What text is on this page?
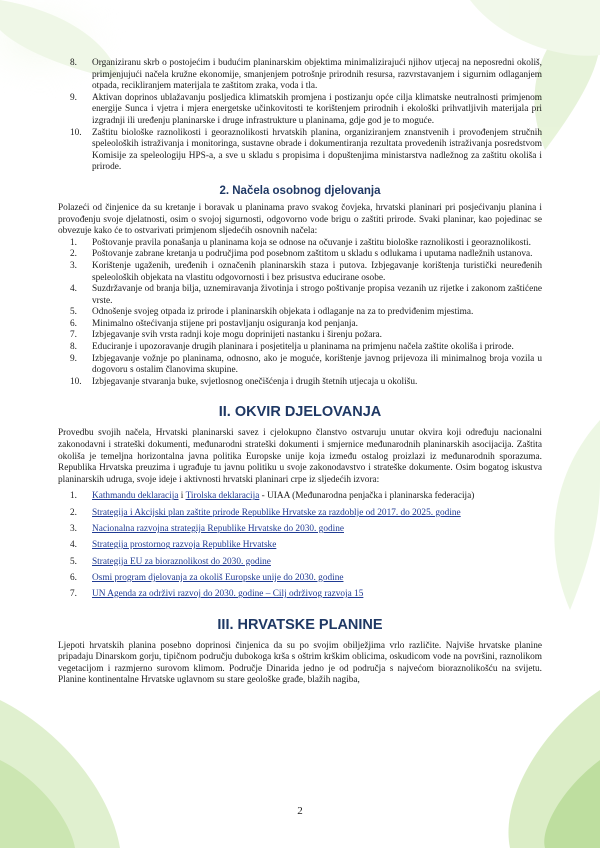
8. Organiziranu skrb o postojećim i budućim planinarskim objektima minimalizirajući njihov utjecaj na neposredni okoliš, primjenjujući načela kružne ekonomije, smanjenjem potrošnje prirodnih resursa, razvrstavanjem i sigurnim odlaganjem otpada, recikliranjem materijala te zaštitom zraka, voda i tla.
9. Aktivan doprinos ublažavanju posljedica klimatskih promjena i postizanju opće cilja klimatske neutralnosti primjenom energije Sunca i vjetra i mjera energetske učinkovitosti te korištenjem prirodnih i ekološki prihvatljivih materijala pri izgradnji ili uređenju planinarske i druge infrastrukture u planinama, gdje god je to moguće.
10. Zaštitu biološke raznolikosti i georaznolikosti hrvatskih planina, organiziranjem znanstvenih i provođenjem stručnih speleoloških istraživanja i monitoringa, sustavne obrade i dokumentiranja rezultata provedenih istraživanja posredstvom Komisije za speleologiju HPS-a, a sve u skladu s propisima i dopuštenjima ministarstva nadležnog za zaštitu okoliša i prirode.
2. Načela osobnog djelovanja

Polazeći od činjenice da su kretanje i boravak u planinama pravo svakog čovjeka, hrvatski planinari pri posjećivanju planina i provođenju svoje djelatnosti, osim o svojoj sigurnosti, odgovorno vode brigu o zaštiti prirode. Svaki planinar, kao pojedinac se obvezuje kako će to ostvarivati primjenom sljedećih osnovnih načela:

1. Poštovanje pravila ponašanja u planinama koja se odnose na očuvanje i zaštitu biološke raznolikosti i georaznolikosti.
2. Poštovanje zabrane kretanja u područjima pod posebnom zaštitom u skladu s odlukama i uputama nadležnih ustanova.
3. Korištenje ugaženih, uređenih i označenih planinarskih staza i putova. Izbjegavanje korištenja turistički neuređenih speleoloških objekata na vlastitu odgovornosti i bez prisustva educirane osobe.
4. Suzdržavanje od branja bilja, uznemiravanja životinja i strogo poštivanje propisa vezanih uz rijetke i zakonom zaštićene vrste.
5. Odnošenje svojeg otpada iz prirode i planinarskih objekata i odlaganje na za to predviđenim mjestima.
6. Minimalno oštećivanja stijene pri postavljanju osiguranja kod penjanja.
7. Izbjegavanje svih vrsta radnji koje mogu doprinijeti nastanku i širenju požara.
8. Educiranje i upozoravanje drugih planinara i posjetitelja u planinama na primjenu načela zaštite okoliša i prirode.
9. Izbjegavanje vožnje po planinama, odnosno, ako je moguće, korištenje javnog prijevoza ili minimalnog broja vozila u dogovoru s ostalim članovima skupine.
10. Izbjegavanje stvaranja buke, svjetlosnog onečišćenja i drugih štetnih utjecaja u okolišu.
II. OKVIR DJELOVANJA

Provedbu svojih načela, Hrvatski planinarski savez i cjelokupno članstvo ostvaruju unutar okvira koji određuju nacionalni zakonodavni i strateški dokumenti, međunarodni strateški dokumenti i smjernice međunarodnih planinarskih asocijacija. Zaštita okoliša je temeljna horizontalna javna politika Europske unije koja između ostalog proizlazi iz međunarodnih sporazuma. Republika Hrvatska preuzima i ugrađuje tu javnu politiku u svoje zakonodavstvo i strateške dokumente. Osim bogatog iskustva planinarskih udruga, svoje ideje i aktivnosti hrvatski planinari crpe iz sljedećih izvora:

1. Kathmandu deklaracija i Tirolska deklaracija - UIAA (Međunarodna penjačka i planinarska federacija)
2. Strategija i Akcijski plan zaštite prirode Republike Hrvatske za razdoblje od 2017. do 2025. godine
3. Nacionalna razvojna strategija Republike Hrvatske do 2030. godine
4. Strategija prostornog razvoja Republike Hrvatske
5. Strategija EU za bioraznolikost do 2030. godine
6. Osmi program djelovanja za okoliš Europske unije do 2030. godine
7. UN Agenda za održivi razvoj do 2030. godine – Cilj održivog razvoja 15
III. HRVATSKE PLANINE

Ljepoti hrvatskih planina posebno doprinosi činjenica da su po svojim obilježjima vrlo različite. Najviše hrvatske planine pripadaju Dinarskom gorju, tipičnom području dubokoga krša s oštrim krškim oblicima, oskudicom vode na površini, raznolikom vegetacijom i razmjerno surovom klimom. Područje Dinarida jedno je od područja s najvećom bioraznolikošću na svijetu. Planine kontinentalne Hrvatske uglavnom su stare geološke građe, blažih nagiba,

2
